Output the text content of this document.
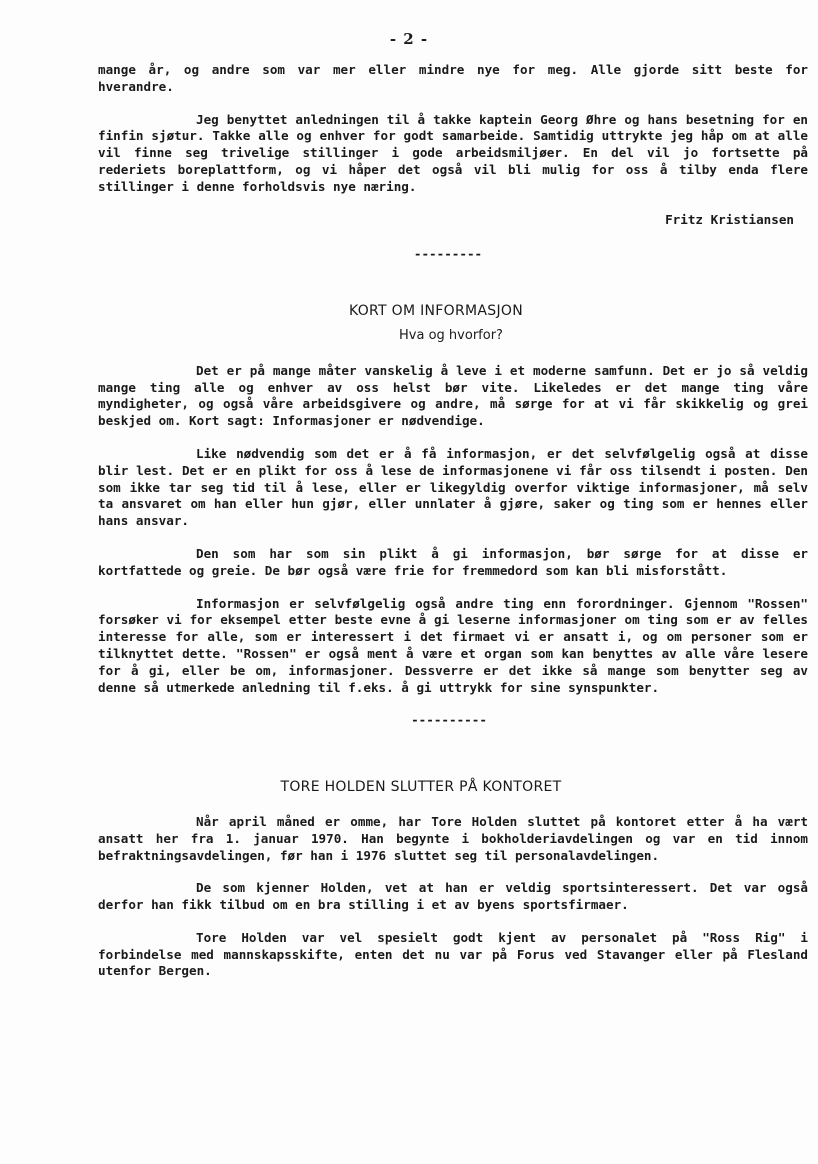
- 2 -

mange år, og andre som var mer eller mindre nye for meg. Alle gjorde sitt beste for hverandre.

Jeg benyttet anledningen til å takke kaptein Georg Øhre og hans besetning for en finfin sjøtur. Takke alle og enhver for godt samarbeide. Samtidig uttrykte jeg håp om at alle vil finne seg trivelige stillinger i gode arbeidsmiljøer. En del vil jo fortsette på rederiets boreplattform, og vi håper det også vil bli mulig for oss å tilby enda flere stillinger i denne forholdsvis nye næring.

Fritz Kristiansen
---------
KORT OM INFORMASJON
Hva og hvorfor?

Det er på mange måter vanskelig å leve i et moderne samfunn. Det er jo så veldig mange ting alle og enhver av oss helst bør vite. Likeledes er det mange ting våre myndigheter, og også våre arbeidsgivere og andre, må sørge for at vi får skikkelig og grei beskjed om. Kort sagt: Informasjoner er nødvendige.

Like nødvendig som det er å få informasjon, er det selvfølgelig også at disse blir lest. Det er en plikt for oss å lese de informasjonene vi får oss tilsendt i posten. Den som ikke tar seg tid til å lese, eller er likegyldig overfor viktige informasjoner, må selv ta ansvaret om han eller hun gjør, eller unnlater å gjøre, saker og ting som er hennes eller hans ansvar.

Den som har som sin plikt å gi informasjon, bør sørge for at disse er kortfattede og greie. De bør også være frie for fremmedord som kan bli misforstått.

Informasjon er selvfølgelig også andre ting enn forordninger. Gjennom "Rossen" forsøker vi for eksempel etter beste evne å gi leserne informasjoner om ting som er av felles interesse for alle, som er interessert i det firmaet vi er ansatt i, og om personer som er tilknyttet dette. "Rossen" er også ment å være et organ som kan benyttes av alle våre lesere for å gi, eller be om, informasjoner. Dessverre er det ikke så mange som benytter seg av denne så utmerkede anledning til f.eks. å gi uttrykk for sine synspunkter.

----------
TORE HOLDEN SLUTTER PÅ KONTORET

Når april måned er omme, har Tore Holden sluttet på kontoret etter å ha vært ansatt her fra 1. januar 1970. Han begynte i bokholderiavdelingen og var en tid innom befraktningsavdelingen, før han i 1976 sluttet seg til personalavdelingen.

De som kjenner Holden, vet at han er veldig sportsinteressert. Det var også derfor han fikk tilbud om en bra stilling i et av byens sportsfirmaer.

Tore Holden var vel spesielt godt kjent av personalet på "Ross Rig" i forbindelse med mannskapsskifte, enten det nu var på Forus ved Stavanger eller på Flesland utenfor Bergen.
